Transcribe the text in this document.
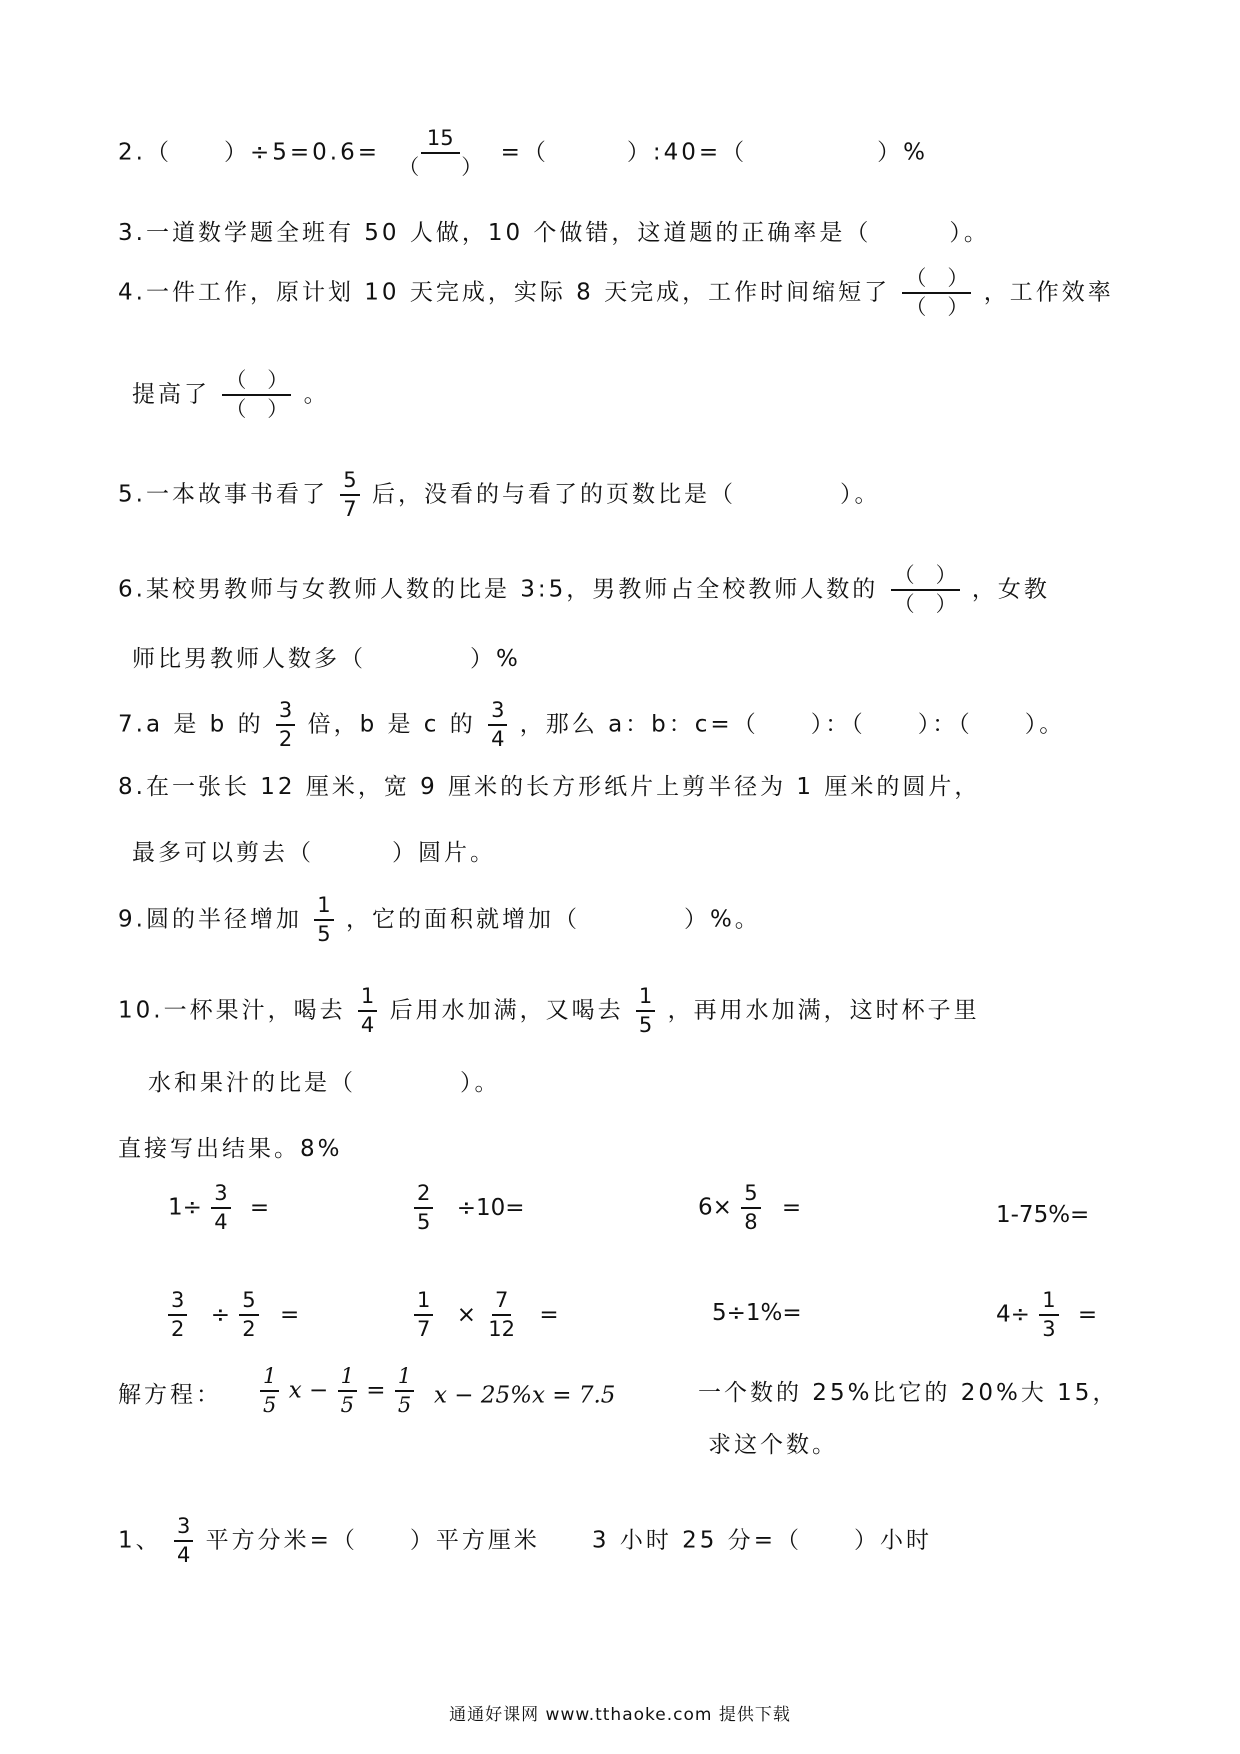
2.（　　）$\div 5=0.6= \frac{15}{( )}$ =（　　　）:40=（　　　　　）%
3.一道数学题全班有 50 人做，10 个做错，这道题的正确率是（　　　）。
4.一件工作，原计划 10 天完成，实际 8 天完成，工作时间缩短了 $\frac{( )}{( )}$ ，工作效率
提高了 $\frac{( )}{( )}$ 。
5.一本故事书看了 $\frac{5}{7}$ 后，没看的与看了的页数比是（　　　　）。
6.某校男教师与女教师人数的比是 3:5，男教师占全校教师人数的 $\frac{( )}{( )}$ ，女教
师比男教师人数多（　　　　）%
7.a 是 b 的 $\frac{3}{2}$ 倍，b 是 c 的 $\frac{3}{4}$ ，那么 a：b：c=（　　）：（　　）：（　　）。
8.在一张长 12 厘米，宽 9 厘米的长方形纸片上剪半径为 1 厘米的圆片，
最多可以剪去（　　　）圆片。
9.圆的半径增加 $\frac{1}{5}$ ，它的面积就增加（　　　　）%。
10.一杯果汁，喝去 $\frac{1}{4}$ 后用水加满，又喝去 $\frac{1}{5}$ ，再用水加满，这时杯子里
水和果汁的比是（　　　　）。
直接写出结果。8%
$1\div \frac{3}{4}$ =	$\frac{2}{5} \div 10=$	$6\times \frac{5}{8}$ =	1-75%=
$\frac{3}{2} \div \frac{5}{2}$ =	$\frac{1}{7} \times \frac{7}{12}$ =	5÷1%=	$4\div \frac{1}{3}$ =
解方程： $\frac{1}{5}$ $x - \frac{1}{5} = \frac{1}{5}$ x − 25%x = 7.5	一个数的 25%比它的 20%大 15，
求这个数。
1、 $\frac{3}{4}$ 平方分米=（　　）平方厘米　　3 小时 25 分=（　　）小时
通通好课网 www.tthaoke.com 提供下载
